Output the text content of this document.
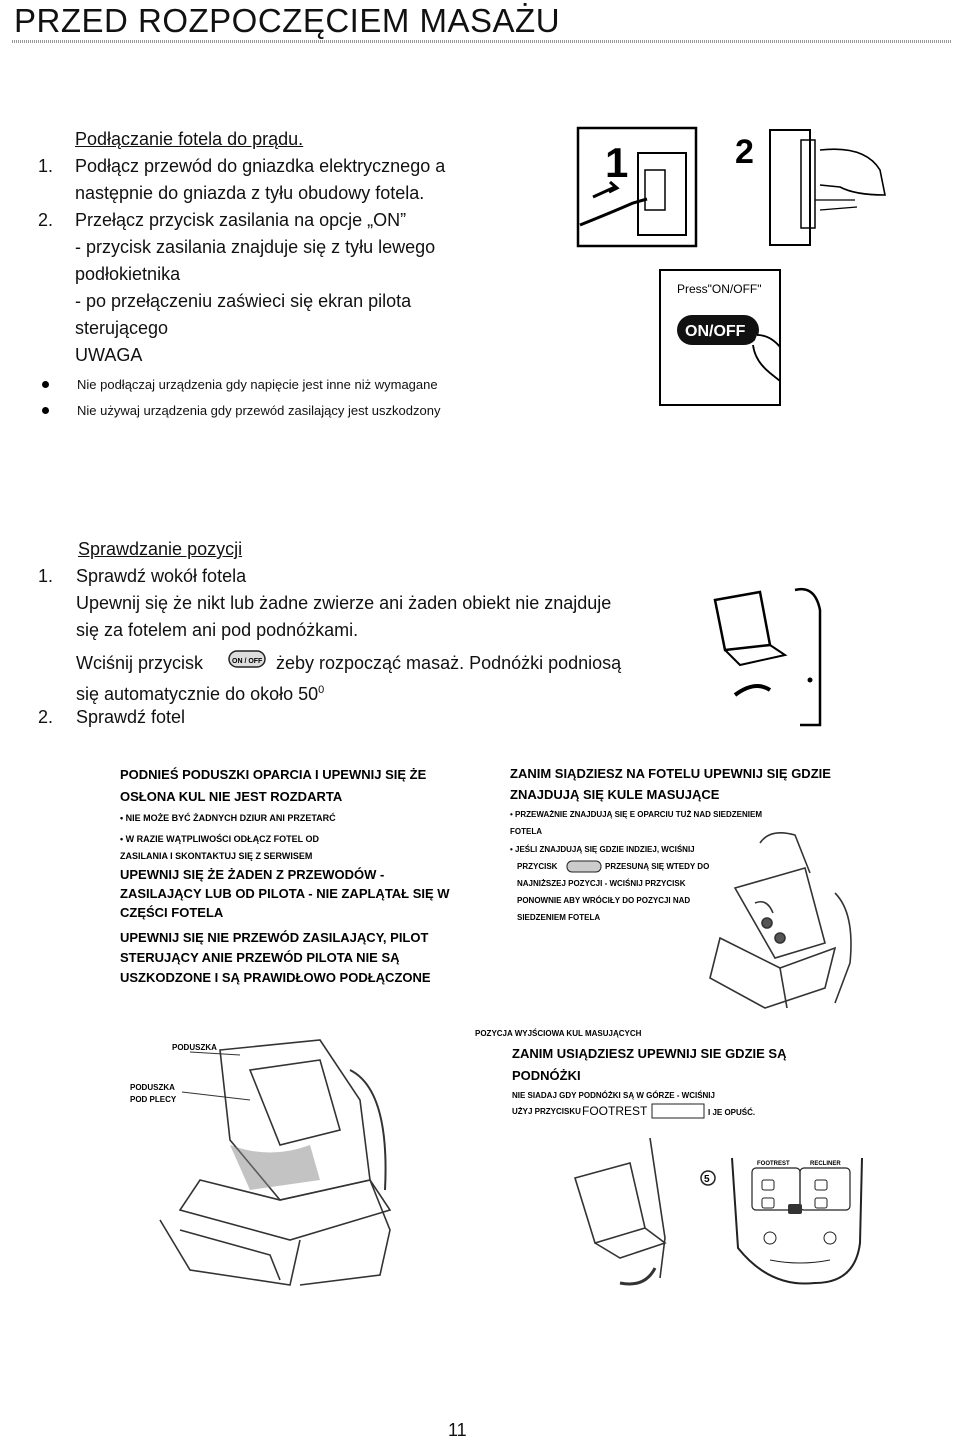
PRZED ROZPOCZĘCIEM MASAŻU
Podłączanie fotela do prądu.
1. Podłącz przewód do gniazdka elektrycznego a
następnie do gniazda z tyłu obudowy fotela.
2. Przełącz przycisk zasilania na opcje „ON”
- przycisk zasilania znajduje się z tyłu lewego
podłokietnika
- po przełączeniu zaświeci się ekran pilota
sterującego
UWAGA
Nie podłączaj urządzenia gdy napięcie jest inne niż wymagane
Nie używaj urządzenia gdy przewód zasilający jest uszkodzony
1	2
Press"ON/OFF"
ON/OFF
Sprawdzanie pozycji
1. Sprawdź wokół fotela
Upewnij się że nikt lub żadne zwierze ani żaden obiekt nie znajduje
się za fotelem ani pod podnóżkami.
Wciśnij przycisk	ON / OFF żeby rozpocząć masaż. Podnóżki podniosą
się automatycznie do około $50^0$
2. Sprawdź fotel
PODNIEŚ PODUSZKI OPARCIA I UPEWNIJ SIĘ ŻE
OSŁONA KUL NIE JEST ROZDARTA
• NIE MOŻE BYĆ ŻADNYCH DZIUR ANI PRZETARĆ
• W RAZIE WĄTPLIWOŚCI ODŁĄCZ FOTEL OD
ZASILANIA I SKONTAKTUJ SIĘ Z SERWISEM
UPEWNIJ SIĘ ŻE ŻADEN Z PRZEWODÓW -
ZASILAJĄCY LUB OD PILOTA - NIE ZAPLĄTAŁ SIĘ W
CZĘŚCI FOTELA
UPEWNIJ SIĘ NIE PRZEWÓD ZASILAJĄCY, PILOT
STERUJĄCY ANIE PRZEWÓD PILOTA NIE SĄ
USZKODZONE I SĄ PRAWIDŁOWO PODŁĄCZONE
ZANIM SIĄDZIESZ NA FOTELU UPEWNIJ SIĘ GDZIE
ZNAJDUJĄ SIĘ KULE MASUJĄCE
• PRZEWAŻNIE ZNAJDUJĄ SIĘ E OPARCIU TUŻ NAD SIEDZENIEM
FOTELA
• JEŚLI ZNAJDUJĄ SIĘ GDZIE INDZIEJ, WCIŚNIJ
PRZYCISK	PRZESUNĄ SIĘ WTEDY DO
NAJNIŻSZEJ POZYCJI - WCIŚNIJ PRZYCISK
PONOWNIE ABY WRÓCIŁY DO POZYCJI NAD
SIEDZENIEM FOTELA
PODUSZKA
PODUSZKA
POD PLECY
POZYCJA WYJŚCIOWA KUL MASUJĄCYCH
ZANIM USIĄDZIESZ UPEWNIJ SIE GDZIE SĄ
PODNÓŻKI
NIE SIADAJ GDY PODNÓŻKI SĄ W GÓRZE - WCIŚNIJ
UŻYJ PRZYCISKU FOOTREST	I JE OPUŚĆ.
5
FOOTREST	RECLINER
11
